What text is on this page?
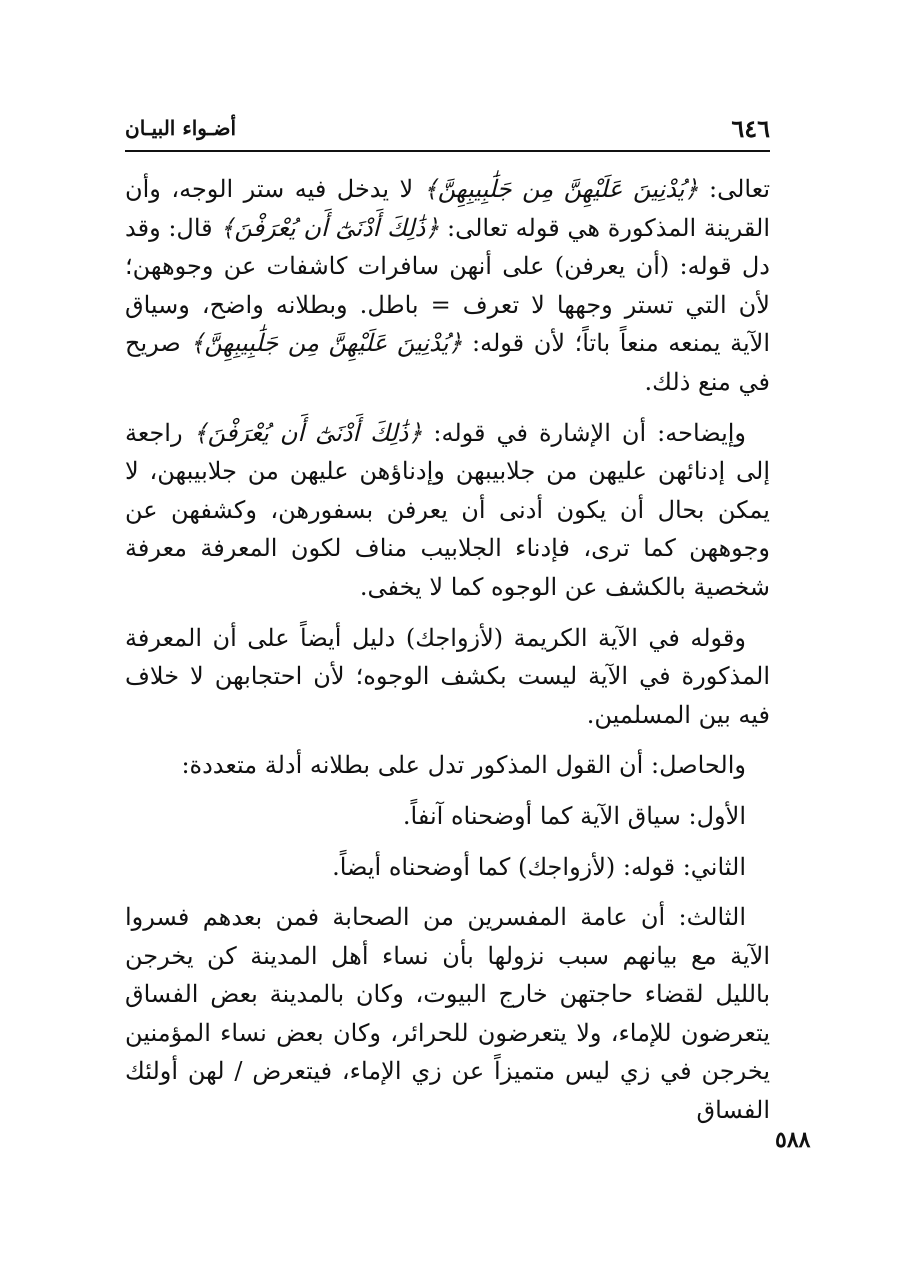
٦٤٦
أضـواء البيـان

تعالى: ﴿يُدْنِينَ عَلَيْهِنَّ مِن جَلَٰبِيبِهِنَّ﴾ لا يدخل فيه ستر الوجه، وأن القرينة المذكورة هي قوله تعالى: ﴿ذَٰلِكَ أَدْنَىٰٓ أَن يُعْرَفْنَ﴾ قال: وقد دل قوله: (أن يعرفن) على أنهن سافرات كاشفات عن وجوههن؛ لأن التي تستر وجهها لا تعرف = باطل. وبطلانه واضح، وسياق الآية يمنعه منعاً باتاً؛ لأن قوله: ﴿يُدْنِينَ عَلَيْهِنَّ مِن جَلَٰبِيبِهِنَّ﴾ صريح في منع ذلك.

وإيضاحه: أن الإشارة في قوله: ﴿ذَٰلِكَ أَدْنَىٰٓ أَن يُعْرَفْنَ﴾ راجعة إلى إدنائهن عليهن من جلابيبهن وإدناؤهن عليهن من جلابيبهن، لا يمكن بحال أن يكون أدنى أن يعرفن بسفورهن، وكشفهن عن وجوههن كما ترى، فإدناء الجلابيب مناف لكون المعرفة معرفة شخصية بالكشف عن الوجوه كما لا يخفى.

وقوله في الآية الكريمة (لأزواجك) دليل أيضاً على أن المعرفة المذكورة في الآية ليست بكشف الوجوه؛ لأن احتجابهن لا خلاف فيه بين المسلمين.

والحاصل: أن القول المذكور تدل على بطلانه أدلة متعددة:

الأول: سياق الآية كما أوضحناه آنفاً.

الثاني: قوله: (لأزواجك) كما أوضحناه أيضاً.

الثالث: أن عامة المفسرين من الصحابة فمن بعدهم فسروا الآية مع بيانهم سبب نزولها بأن نساء أهل المدينة كن يخرجن بالليل لقضاء حاجتهن خارج البيوت، وكان بالمدينة بعض الفساق يتعرضون للإماء، ولا يتعرضون للحرائر، وكان بعض نساء المؤمنين يخرجن في زي ليس متميزاً عن زي الإماء، فيتعرض / لهن أولئك الفساق

٥٨٨
